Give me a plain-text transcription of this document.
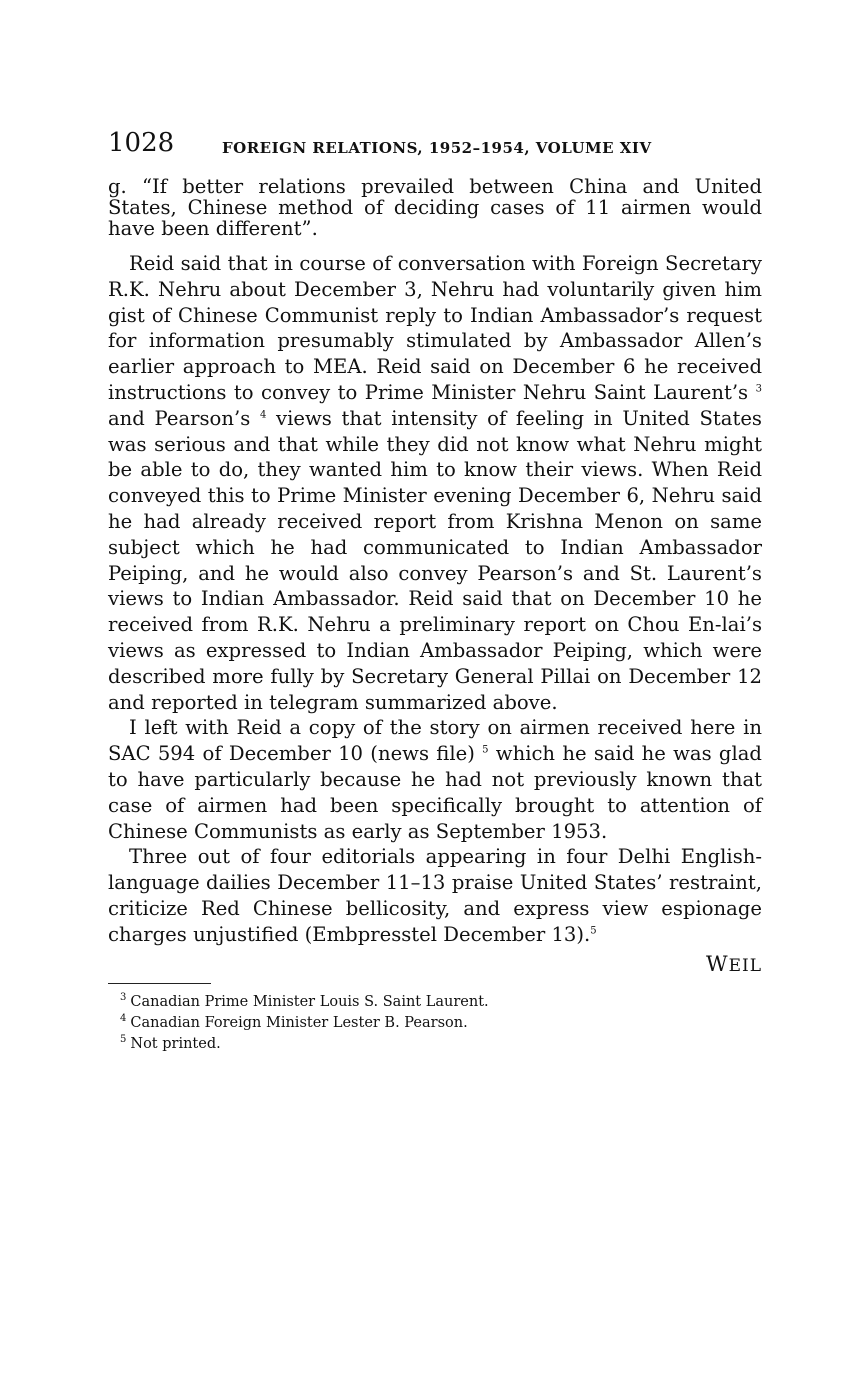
1028	FOREIGN RELATIONS, 1952–1954, VOLUME XIV

g. “If better relations prevailed between China and United States, Chinese method of deciding cases of 11 airmen would have been different”.

Reid said that in course of conversation with Foreign Secretary R.K. Nehru about December 3, Nehru had voluntarily given him gist of Chinese Communist reply to Indian Ambassador’s request for information presumably stimulated by Ambassador Allen’s earlier approach to MEA. Reid said on December 6 he received instructions to convey to Prime Minister Nehru Saint Laurent’s $^3$ and Pearson’s $^4$ views that intensity of feeling in United States was serious and that while they did not know what Nehru might be able to do, they wanted him to know their views. When Reid conveyed this to Prime Minister evening December 6, Nehru said he had already received report from Krishna Menon on same subject which he had communicated to Indian Ambassador Peiping, and he would also convey Pearson’s and St. Laurent’s views to Indian Ambassador. Reid said that on December 10 he received from R.K. Nehru a preliminary report on Chou En-lai’s views as expressed to Indian Ambassador Peiping, which were described more fully by Secretary General Pillai on December 12 and reported in telegram summarized above.

I left with Reid a copy of the story on airmen received here in SAC 594 of December 10 (news file) $^5$ which he said he was glad to have particularly because he had not previously known that case of airmen had been specifically brought to attention of Chinese Communists as early as September 1953.

Three out of four editorials appearing in four Delhi English-language dailies December 11–13 praise United States’ restraint, criticize Red Chinese bellicosity, and express view espionage charges unjustified (Embpresstel December 13).$^5$

WEIL

$^3$ Canadian Prime Minister Louis S. Saint Laurent.

$^4$ Canadian Foreign Minister Lester B. Pearson.

$^5$ Not printed.
